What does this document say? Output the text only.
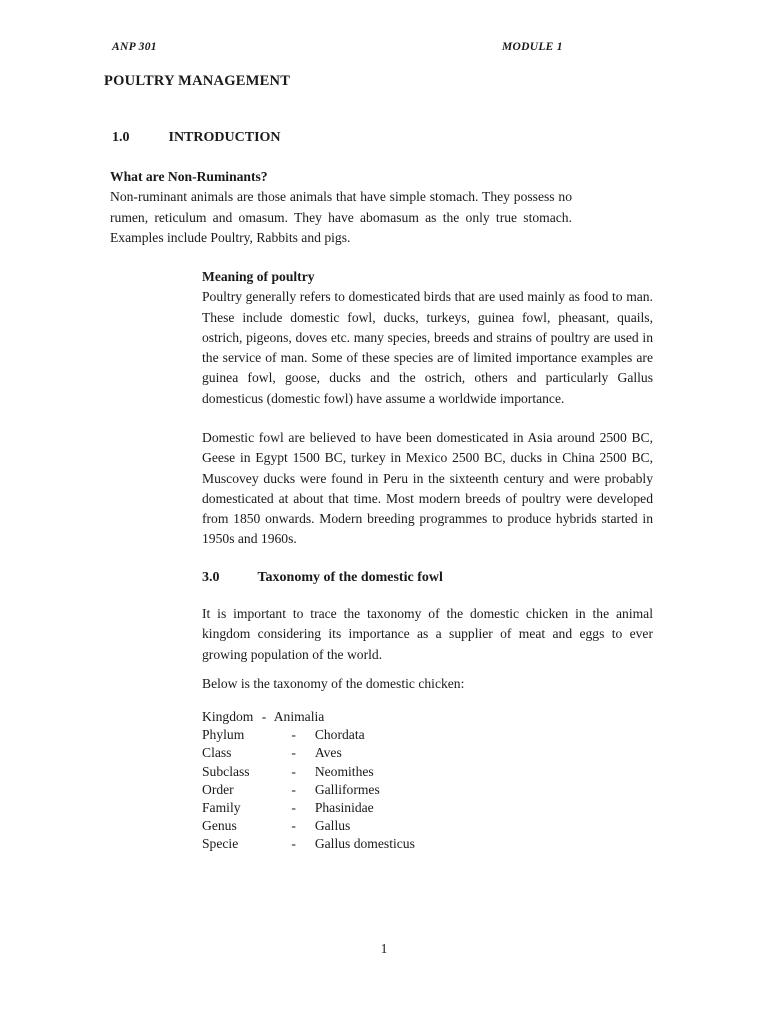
ANP 301	MODULE 1
POULTRY MANAGEMENT
1.0	INTRODUCTION

What are Non-Ruminants?

Non-ruminant animals are those animals that have simple stomach. They possess no rumen, reticulum and omasum. They have abomasum as the only true stomach. Examples include Poultry, Rabbits and pigs.

Meaning of poultry

Poultry generally refers to domesticated birds that are used mainly as food to man. These include domestic fowl, ducks, turkeys, guinea fowl, pheasant, quails, ostrich, pigeons, doves etc. many species, breeds and strains of poultry are used in the service of man. Some of these species are of limited importance examples are guinea fowl, goose, ducks and the ostrich, others and particularly Gallus domesticus (domestic fowl) have assume a worldwide importance.

Domestic fowl are believed to have been domesticated in Asia around 2500 BC, Geese in Egypt 1500 BC, turkey in Mexico 2500 BC, ducks in China 2500 BC, Muscovey ducks were found in Peru in the sixteenth century and were probably domesticated at about that time. Most modern breeds of poultry were developed from 1850 onwards. Modern breeding programmes to produce hybrids started in 1950s and 1960s.

3.0	Taxonomy of the domestic fowl

It is important to trace the taxonomy of the domestic chicken in the animal kingdom considering its importance as a supplier of meat and eggs to ever growing population of the world.

Below is the taxonomy of the domestic chicken:

Kingdom - Animalia
Phylum	- Chordata
Class	- Aves
Subclass	- Neomithes
Order	- Galliformes
Family	- Phasinidae
Genus	- Gallus
Specie	- Gallus domesticus
1
